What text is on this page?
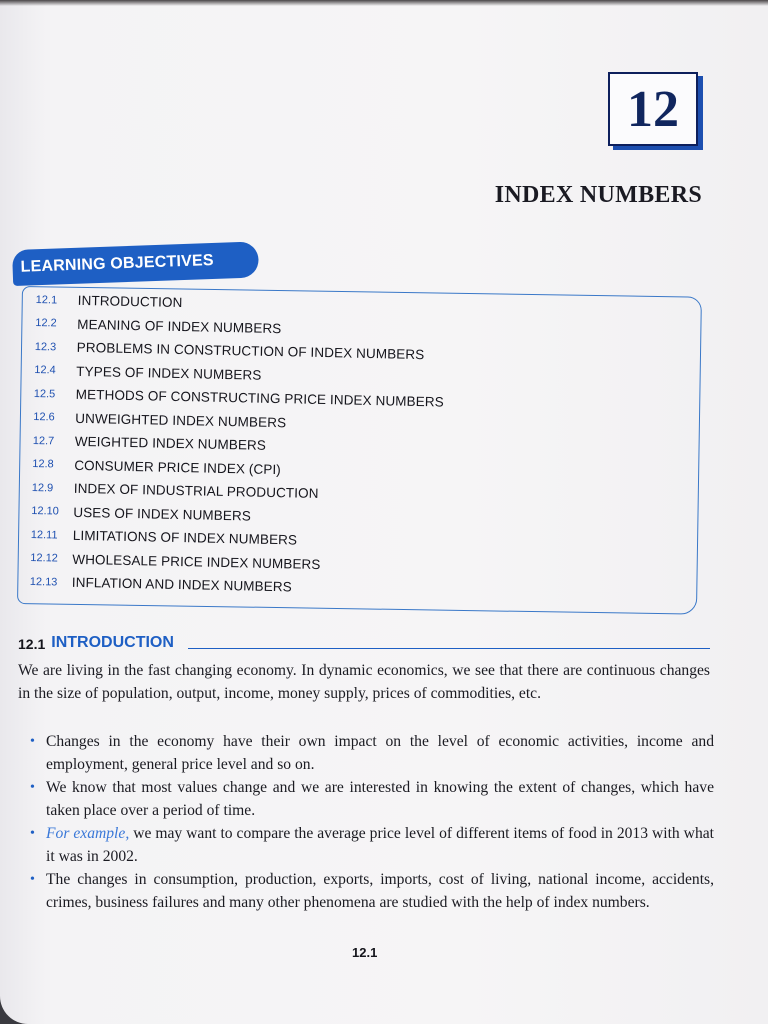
12
INDEX NUMBERS
LEARNING OBJECTIVES
12.1	INTRODUCTION
12.2	MEANING OF INDEX NUMBERS
12.3	PROBLEMS IN CONSTRUCTION OF INDEX NUMBERS
12.4	TYPES OF INDEX NUMBERS
12.5	METHODS OF CONSTRUCTING PRICE INDEX NUMBERS
12.6	UNWEIGHTED INDEX NUMBERS
12.7	WEIGHTED INDEX NUMBERS
12.8	CONSUMER PRICE INDEX (CPI)
12.9	INDEX OF INDUSTRIAL PRODUCTION
12.10	USES OF INDEX NUMBERS
12.11	LIMITATIONS OF INDEX NUMBERS
12.12	WHOLESALE PRICE INDEX NUMBERS
12.13	INFLATION AND INDEX NUMBERS
12.1 INTRODUCTION

We are living in the fast changing economy. In dynamic economics, we see that there are continuous changes in the size of population, output, income, money supply, prices of commodities, etc.

• Changes in the economy have their own impact on the level of economic activities, income and employment, general price level and so on.
• We know that most values change and we are interested in knowing the extent of changes, which have taken place over a period of time.
• For example, we may want to compare the average price level of different items of food in 2013 with what it was in 2002.
• The changes in consumption, production, exports, imports, cost of living, national income, accidents, crimes, business failures and many other phenomena are studied with the help of index numbers.
12.1
